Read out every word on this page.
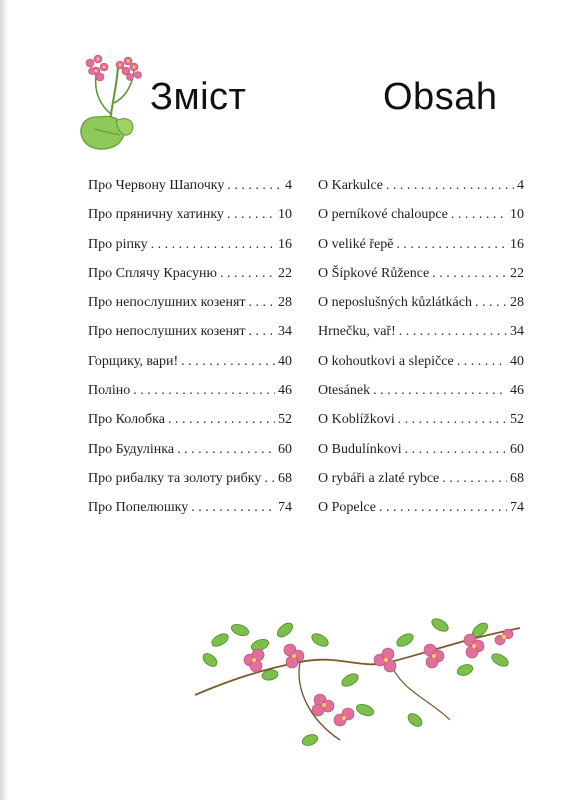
Зміст	Obsah
Про Червону Шапочку . . .	4
Про пряничну хатинку . . .	10
Про ріпку . . .	16
Про Сплячу Красуню . . .	22
Про непослушних козенят . . . 28
Про непослушних козенят . . . 34
Горщику, вари! . . .	40
Поліно . . .	46
Про Колобка . . .	52
Про Будулінка . . .	60
Про рибалку та золоту рибку . . . 68
Про Попелюшку . . .	74
O Karkulce . . .	4
O perníkové chaloupce . . .	10
O veliké řepě . . .	16
O Šípkové Růžence . . .	22
O neposlušných kůzlátkách . . .	28
Hrnečku, vař! . . .	34
O kohoutkovi a slepičce . . .	40
Otesánek . . .	46
O Koblížkovi . . .	52
O Budulínkovi . . .	60
O rybáři a zlaté rybce . . .	68
O Popelce . . .	74
